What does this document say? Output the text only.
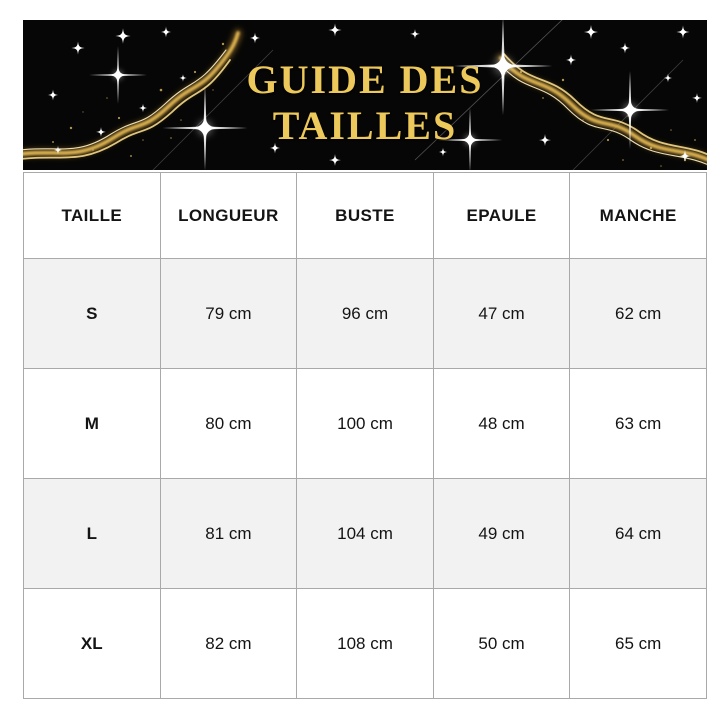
GUIDE DES
TAILLES
TAILLE	LONGUEUR	BUSTE	EPAULE	MANCHE
S	79 cm	96 cm	47 cm	62 cm
M	80 cm	100 cm	48 cm	63 cm
L	81 cm	104 cm	49 cm	64 cm
XL	82 cm	108 cm	50 cm	65 cm
